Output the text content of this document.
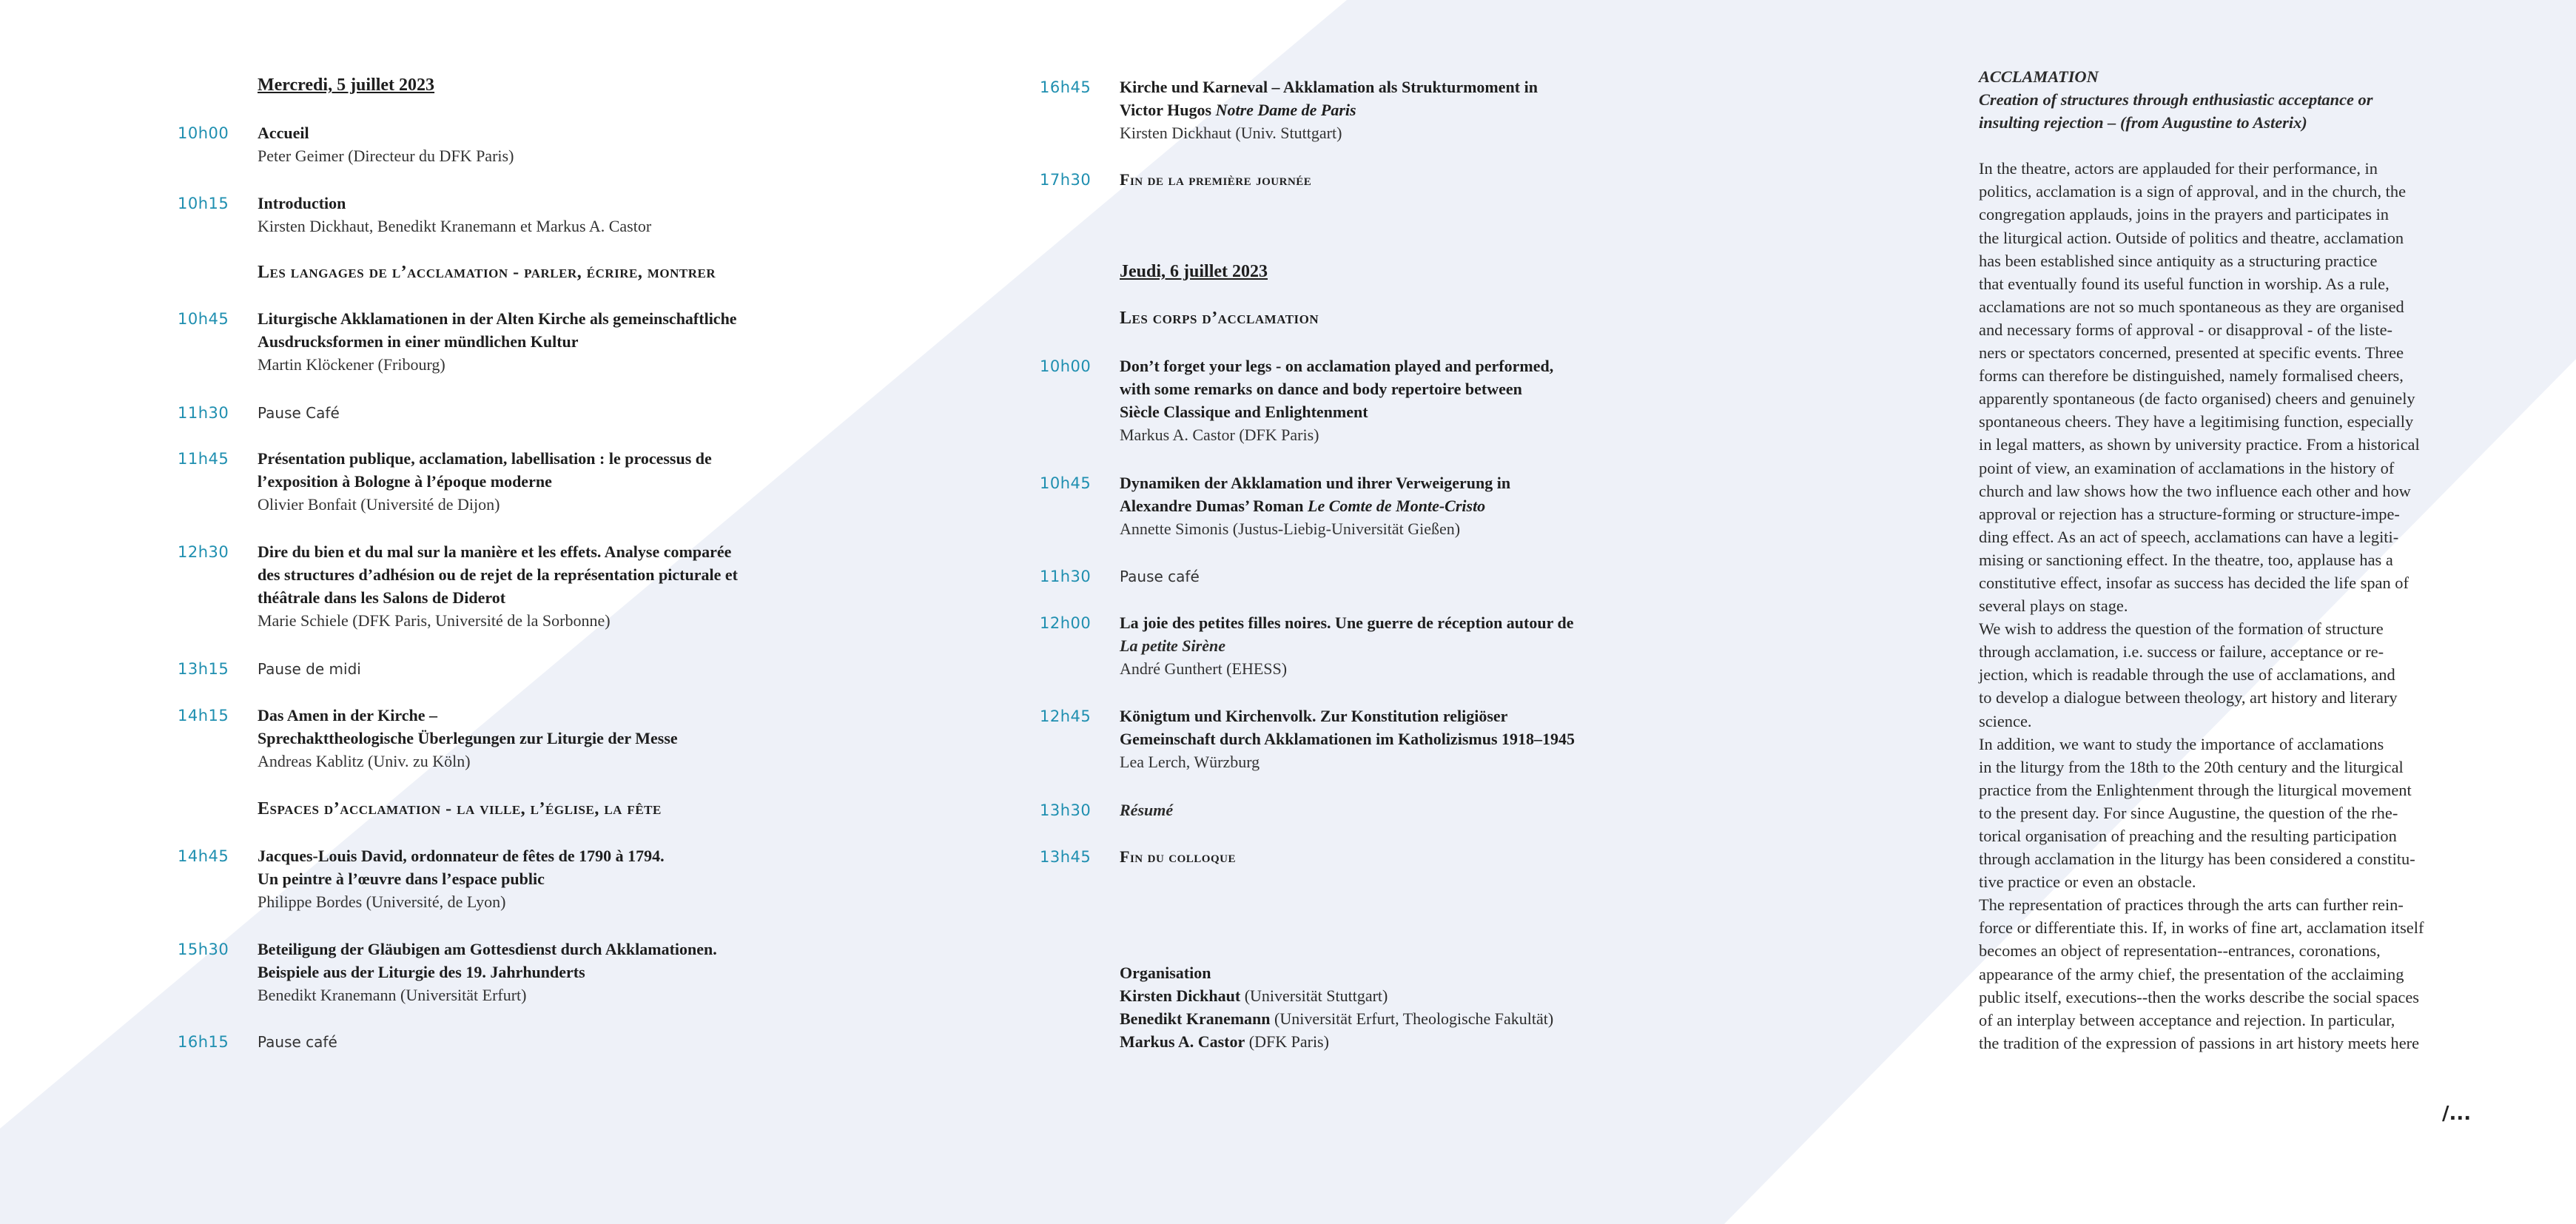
Mercredi, 5 juillet 2023
10h00	Accueil
Peter Geimer (Directeur du DFK Paris)
10h15	Introduction
Kirsten Dickhaut, Benedikt Kranemann et Markus A. Castor
Les langages de l’acclamation - parler, écrire, montrer
10h45	Liturgische Akklamationen in der Alten Kirche als gemeinschaftliche
Ausdrucksformen in einer mündlichen Kultur
Martin Klöckener (Fribourg)
11h30	Pause Café
11h45	Présentation publique, acclamation, labellisation : le processus de
l’exposition à Bologne à l’époque moderne
Olivier Bonfait (Université de Dijon)
12h30	Dire du bien et du mal sur la manière et les effets. Analyse comparée
des structures d’adhésion ou de rejet de la représentation picturale et
théâtrale dans les Salons de Diderot
Marie Schiele (DFK Paris, Université de la Sorbonne)
13h15	Pause de midi
14h15	Das Amen in der Kirche –
Sprechakttheologische Überlegungen zur Liturgie der Messe
Andreas Kablitz (Univ. zu Köln)
Espaces d’acclamation - la ville, l’église, la fête
14h45	Jacques-Louis David, ordonnateur de fêtes de 1790 à 1794.
Un peintre à l’œuvre dans l’espace public
Philippe Bordes (Université, de Lyon)
15h30	Beteiligung der Gläubigen am Gottesdienst durch Akklamationen.
Beispiele aus der Liturgie des 19. Jahrhunderts
Benedikt Kranemann (Universität Erfurt)
16h15	Pause café
16h45	Kirche und Karneval – Akklamation als Strukturmoment in
Victor Hugos Notre Dame de Paris
Kirsten Dickhaut (Univ. Stuttgart)
17h30	Fin de la première journée
Jeudi, 6 juillet 2023
Les corps d’acclamation
10h00	Don’t forget your legs - on acclamation played and performed,
with some remarks on dance and body repertoire between
Siècle Classique and Enlightenment
Markus A. Castor (DFK Paris)
10h45	Dynamiken der Akklamation und ihrer Verweigerung in
Alexandre Dumas’ Roman Le Comte de Monte-Cristo
Annette Simonis (Justus-Liebig-Universität Gießen)
11h30	Pause café
12h00	La joie des petites filles noires. Une guerre de réception autour de
La petite Sirène
André Gunthert (EHESS)
12h45	Königtum und Kirchenvolk. Zur Konstitution religiöser
Gemeinschaft durch Akklamationen im Katholizismus 1918–1945
Lea Lerch, Würzburg
13h30	Résumé
13h45	Fin du colloque
Organisation
Kirsten Dickhaut (Universität Stuttgart)
Benedikt Kranemann (Universität Erfurt, Theologische Fakultät)
Markus A. Castor (DFK Paris)
ACCLAMATION
Creation of structures through enthusiastic acceptance or
insulting rejection – (from Augustine to Asterix)
In the theatre, actors are applauded for their performance, in
politics, acclamation is a sign of approval, and in the church, the
congregation applauds, joins in the prayers and participates in
the liturgical action. Outside of politics and theatre, acclamation
has been established since antiquity as a structuring practice
that eventually found its useful function in worship. As a rule,
acclamations are not so much spontaneous as they are organised
and necessary forms of approval - or disapproval - of the liste-
ners or spectators concerned, presented at specific events. Three
forms can therefore be distinguished, namely formalised cheers,
apparently spontaneous (de facto organised) cheers and genuinely
spontaneous cheers. They have a legitimising function, especially
in legal matters, as shown by university practice. From a historical
point of view, an examination of acclamations in the history of
church and law shows how the two influence each other and how
approval or rejection has a structure-forming or structure-impe-
ding effect. As an act of speech, acclamations can have a legiti-
mising or sanctioning effect. In the theatre, too, applause has a
constitutive effect, insofar as success has decided the life span of
several plays on stage.
We wish to address the question of the formation of structure
through acclamation, i.e. success or failure, acceptance or re-
jection, which is readable through the use of acclamations, and
to develop a dialogue between theology, art history and literary
science.
In addition, we want to study the importance of acclamations
in the liturgy from the 18th to the 20th century and the liturgical
practice from the Enlightenment through the liturgical movement
to the present day. For since Augustine, the question of the rhe-
torical organisation of preaching and the resulting participation
through acclamation in the liturgy has been considered a constitu-
tive practice or even an obstacle.
The representation of practices through the arts can further rein-
force or differentiate this. If, in works of fine art, acclamation itself
becomes an object of representation--entrances, coronations,
appearance of the army chief, the presentation of the acclaiming
public itself, executions--then the works describe the social spaces
of an interplay between acceptance and rejection. In particular,
the tradition of the expression of passions in art history meets here
/...
